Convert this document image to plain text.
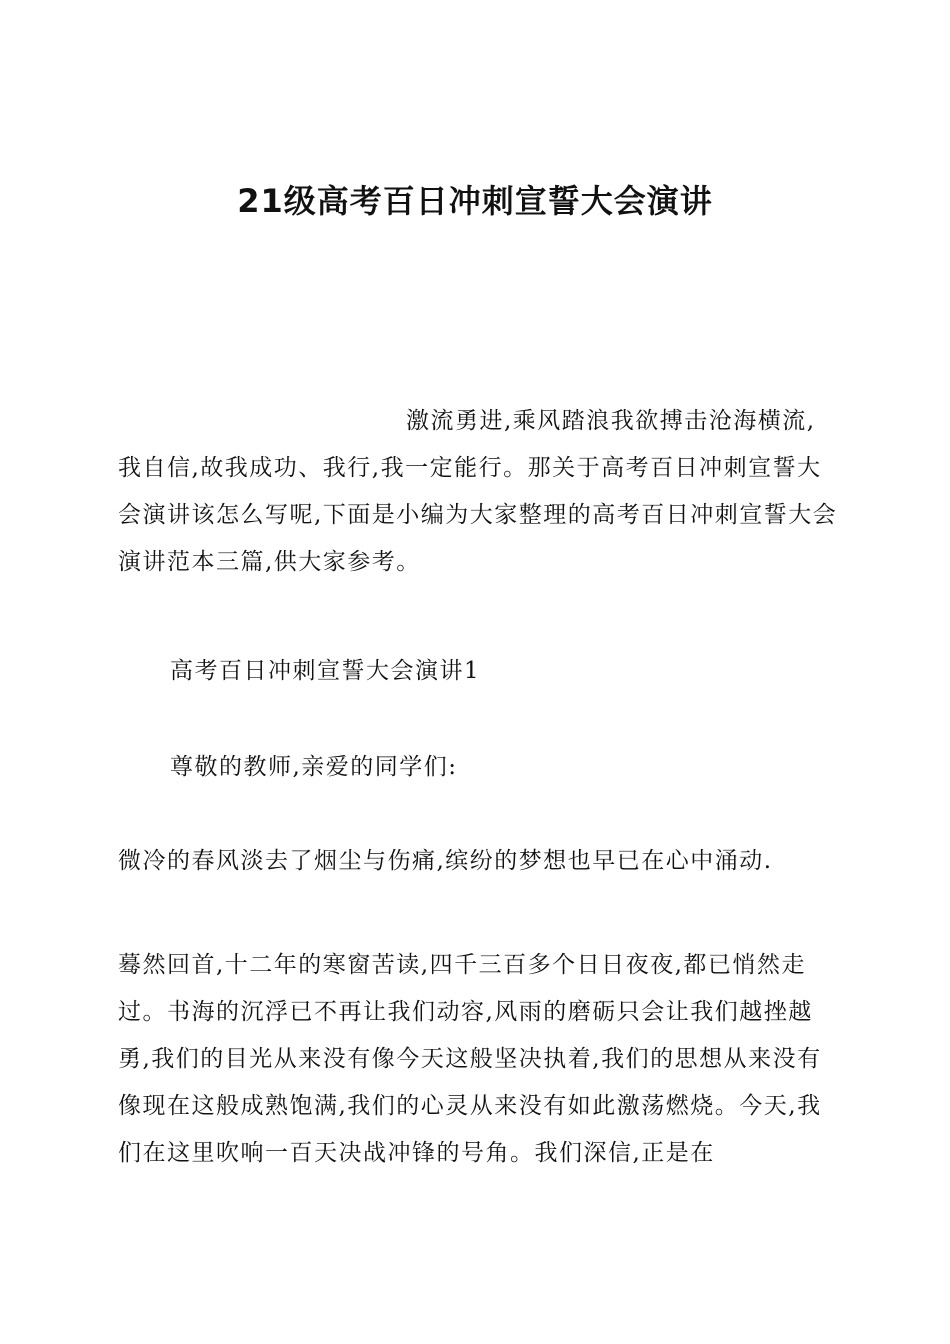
21级高考百日冲刺宣誓大会演讲

激流勇进,乘风踏浪我欲搏击沧海横流,我自信,故我成功、我行,我一定能行。那关于高考百日冲刺宣誓大会演讲该怎么写呢,下面是小编为大家整理的高考百日冲刺宣誓大会演讲范本三篇,供大家参考。

高考百日冲刺宣誓大会演讲1

尊敬的教师,亲爱的同学们:

微冷的春风淡去了烟尘与伤痛,缤纷的梦想也早已在心中涌动.

蓦然回首,十二年的寒窗苦读,四千三百多个日日夜夜,都已悄然走过。书海的沉浮已不再让我们动容,风雨的磨砺只会让我们越挫越勇,我们的目光从来没有像今天这般坚决执着,我们的思想从来没有像现在这般成熟饱满,我们的心灵从来没有如此激荡燃烧。今天,我们在这里吹响一百天决战冲锋的号角。我们深信,正是在
